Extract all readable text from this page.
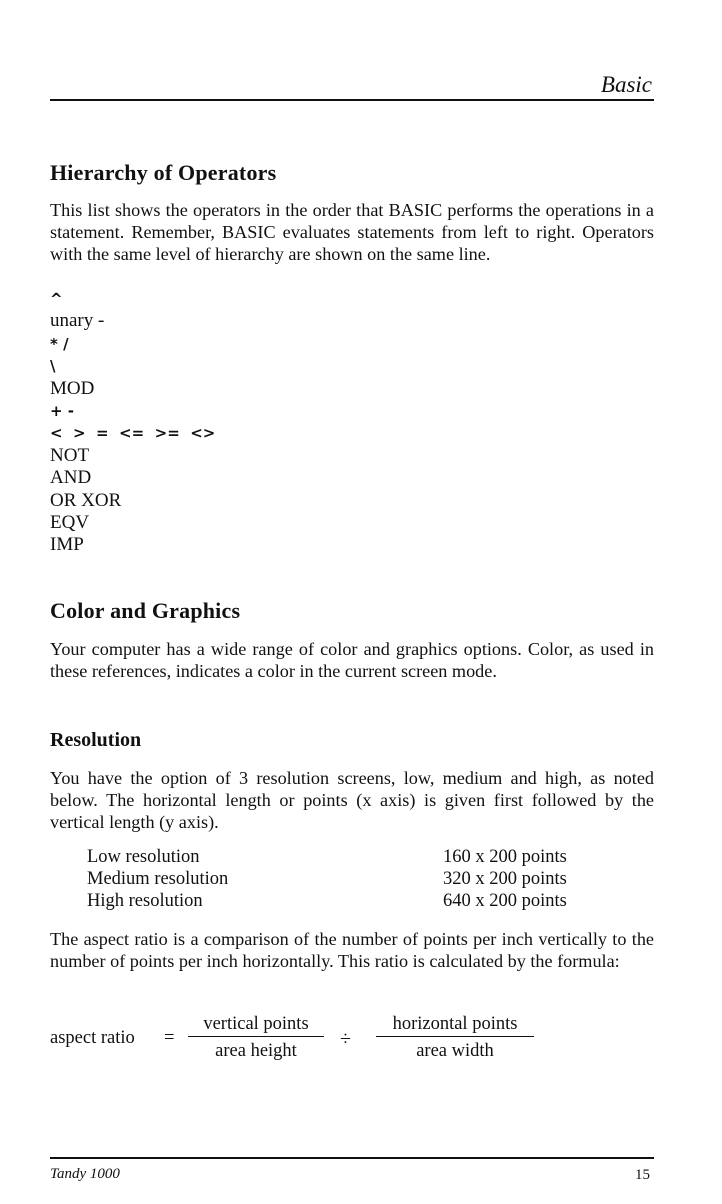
Basic
Hierarchy of Operators
This list shows the operators in the order that BASIC performs the operations in a statement. Remember, BASIC evaluates statements from left to right. Operators with the same level of hierarchy are shown on the same line.
^
unary -
* /
\
MOD
+ -
<  >  =  <=  >=  <>
NOT
AND
OR XOR
EQV
IMP
Color and Graphics
Your computer has a wide range of color and graphics options. Color, as used in these references, indicates a color in the current screen mode.
Resolution
You have the option of 3 resolution screens, low, medium and high, as noted below. The horizontal length or points (x axis) is given first followed by the vertical length (y axis).
Low resolution	160 x 200 points
Medium resolution	320 x 200 points
High resolution	640 x 200 points
The aspect ratio is a comparison of the number of points per inch vertically to the number of points per inch horizontally. This ratio is calculated by the formula:
aspect ratio =
vertical points
area height
÷
horizontal points
area width
Tandy 1000	15
